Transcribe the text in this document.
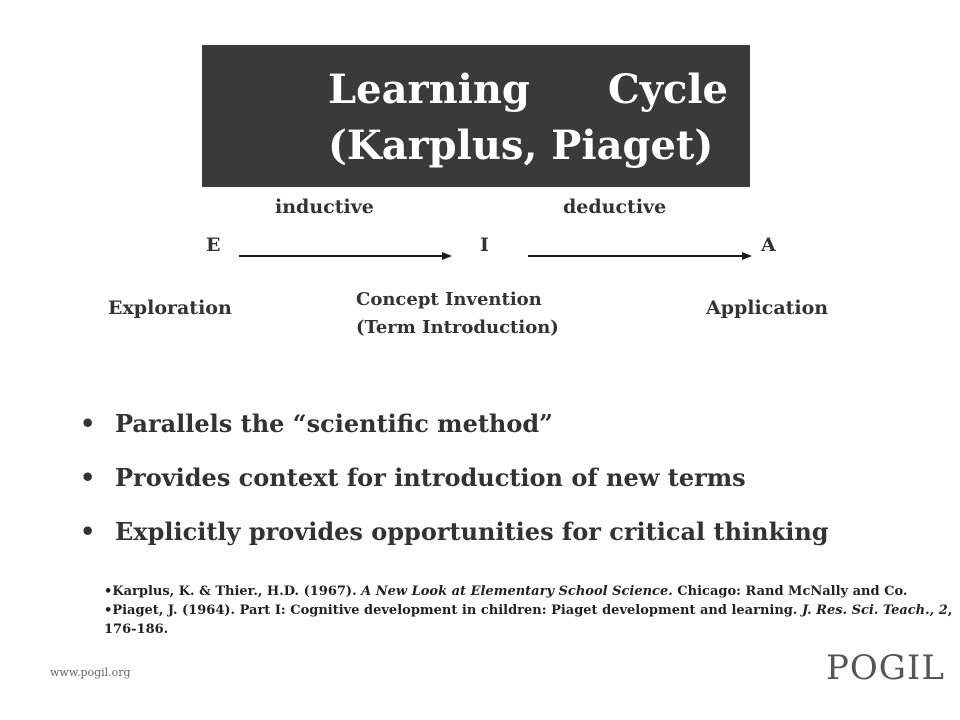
Learning Cycle
(Karplus, Piaget)
inductive	deductive
E	I	A
Exploration	Concept Invention
(Term Introduction)
Application
• Parallels the “scientific method”
• Provides context for introduction of new terms
• Explicitly provides opportunities for critical thinking
•Karplus, K. & Thier., H.D. (1967). A New Look at Elementary School Science. Chicago: Rand McNally and Co.
•Piaget, J. (1964). Part I: Cognitive development in children: Piaget development and learning. J. Res. Sci. Teach., 2, 176-186.
www.pogil.org	POGIL
